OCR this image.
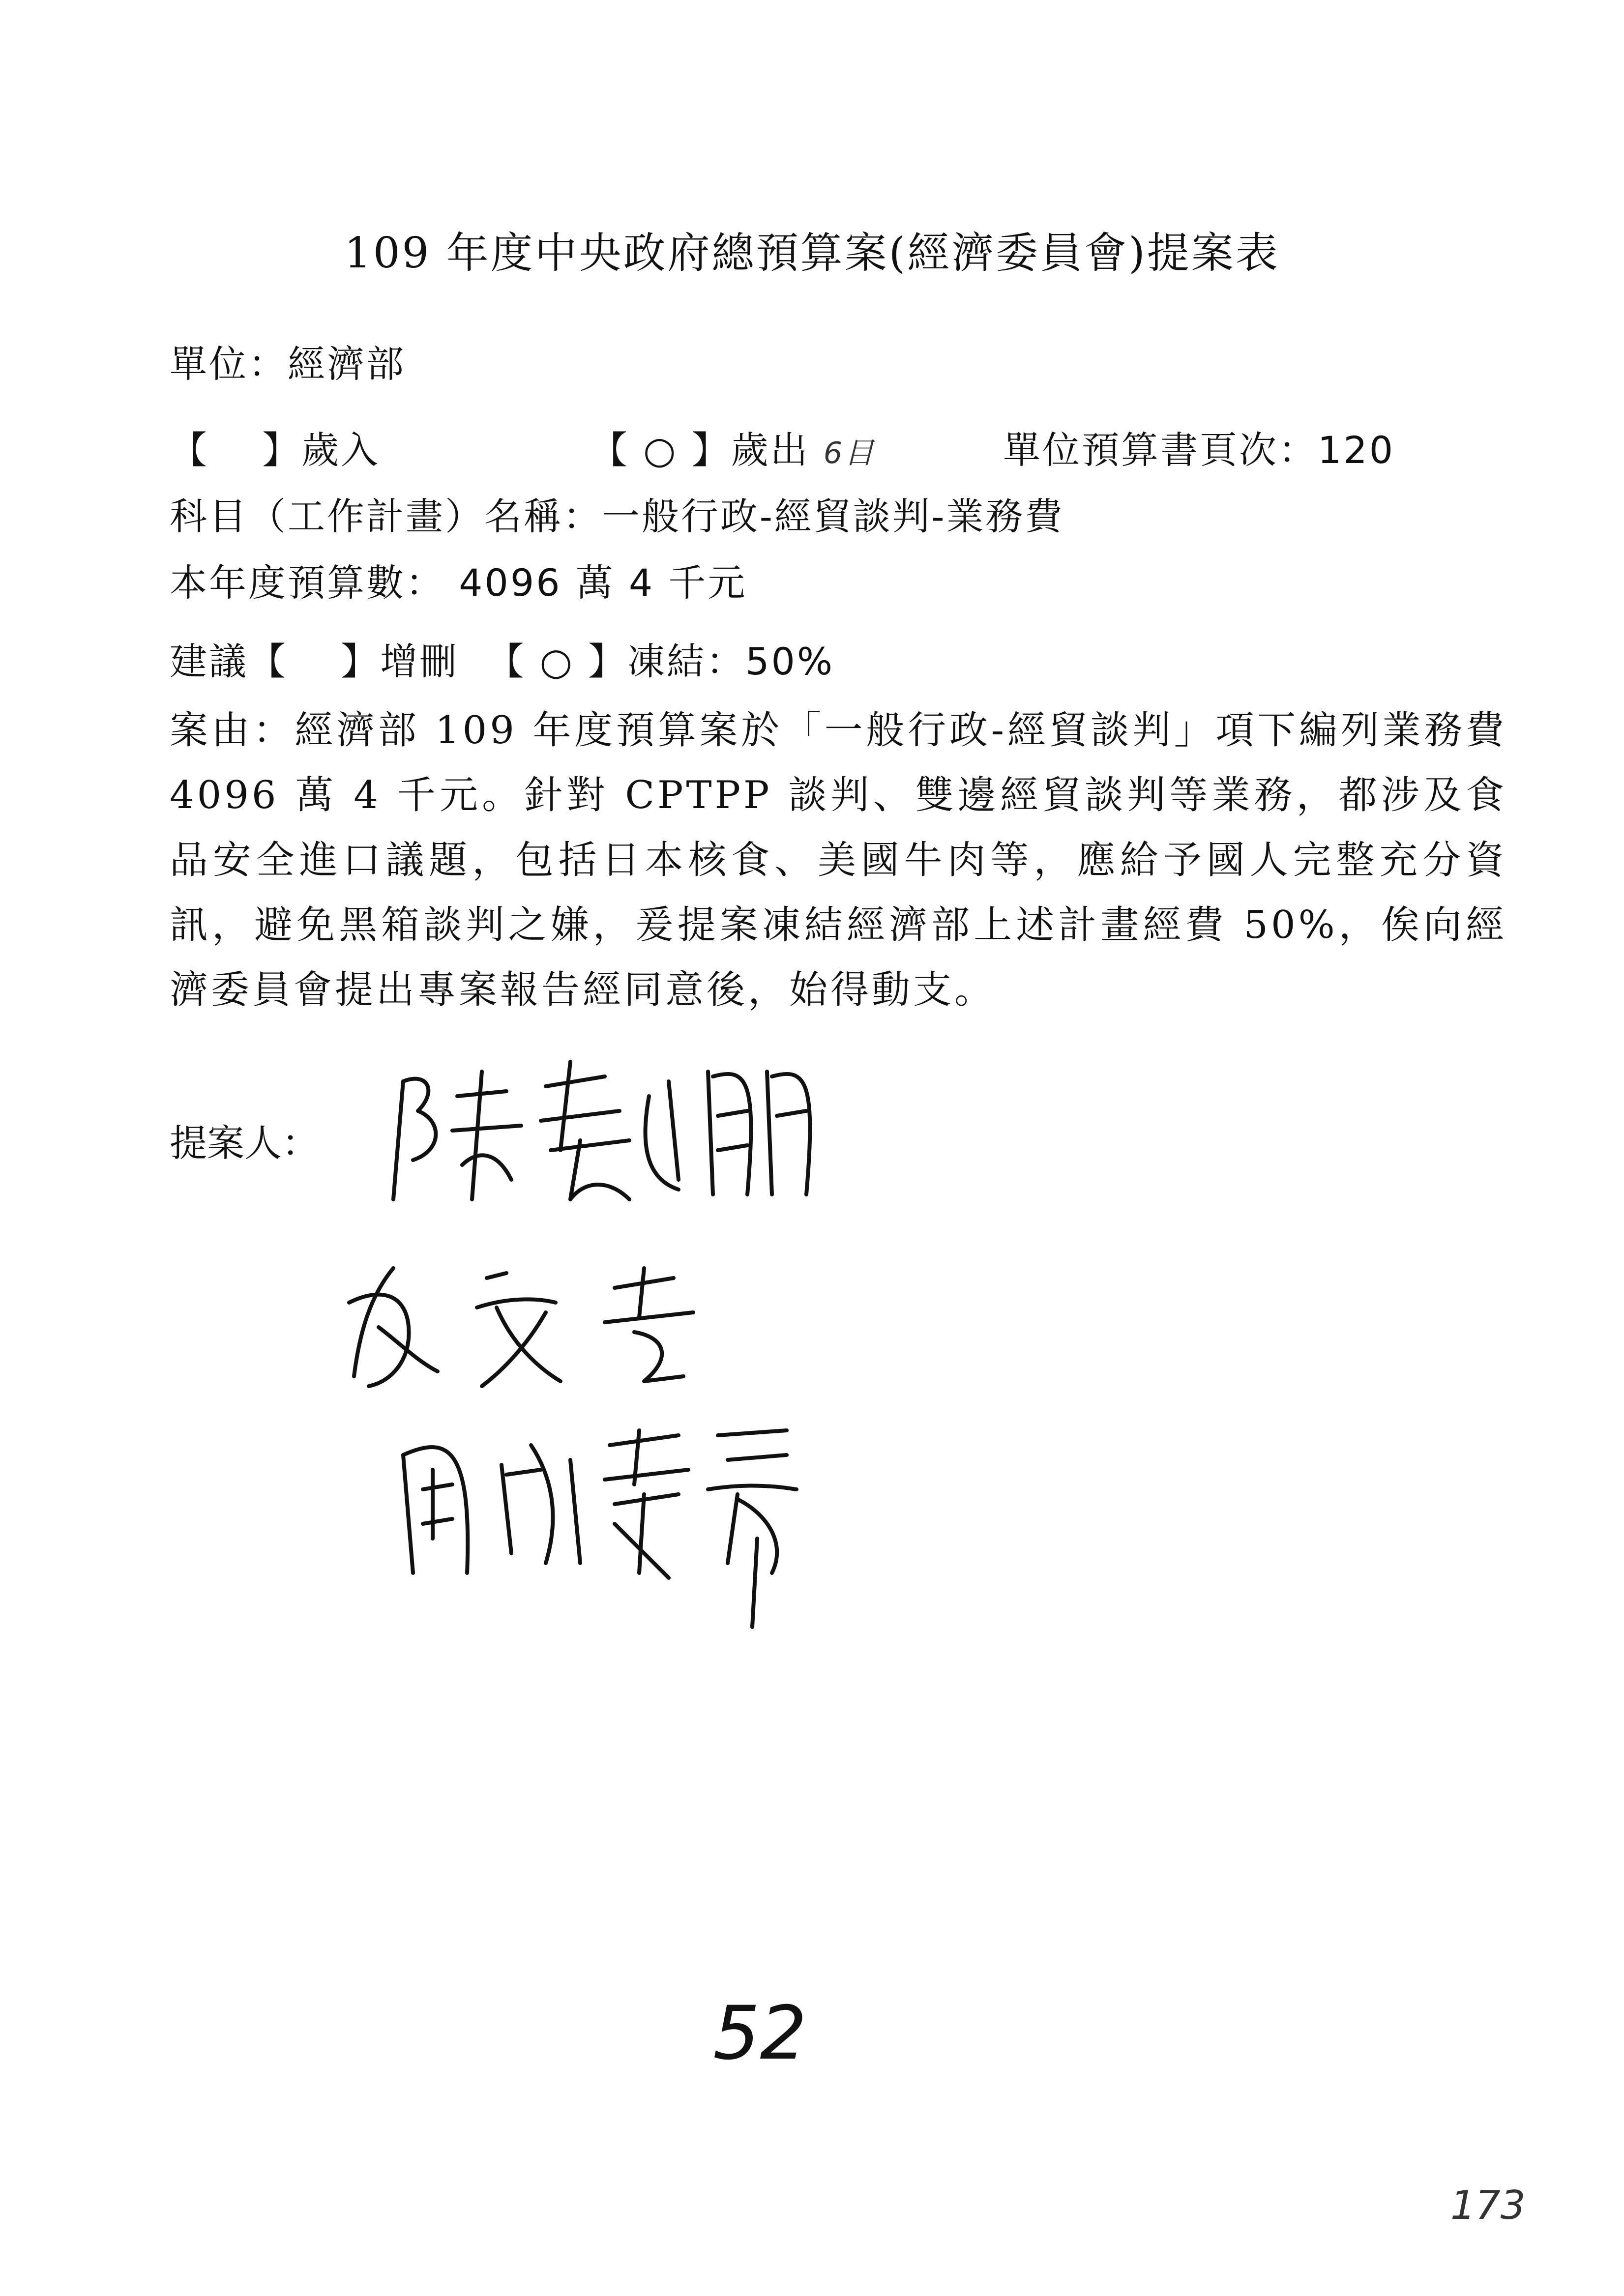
109 年度中央政府總預算案(經濟委員會)提案表
單位：經濟部
【　 】歲入	【 ○ 】歲出 6目	單位預算書頁次：120
科目（工作計畫）名稱：一般行政-經貿談判-業務費
本年度預算數： 4096 萬 4 千元
建議【　 】增刪 【 ○ 】凍結：50%
案由：經濟部 109 年度預算案於「一般行政-經貿談判」項下編列業務費 4096 萬 4 千元。針對 CPTPP 談判、雙邊經貿談判等業務，都涉及食品安全進口議題，包括日本核食、美國牛肉等，應給予國人完整充分資訊，避免黑箱談判之嫌，爰提案凍結經濟部上述計畫經費 50%，俟向經濟委員會提出專案報告經同意後，始得動支。
提案人：
52
173
